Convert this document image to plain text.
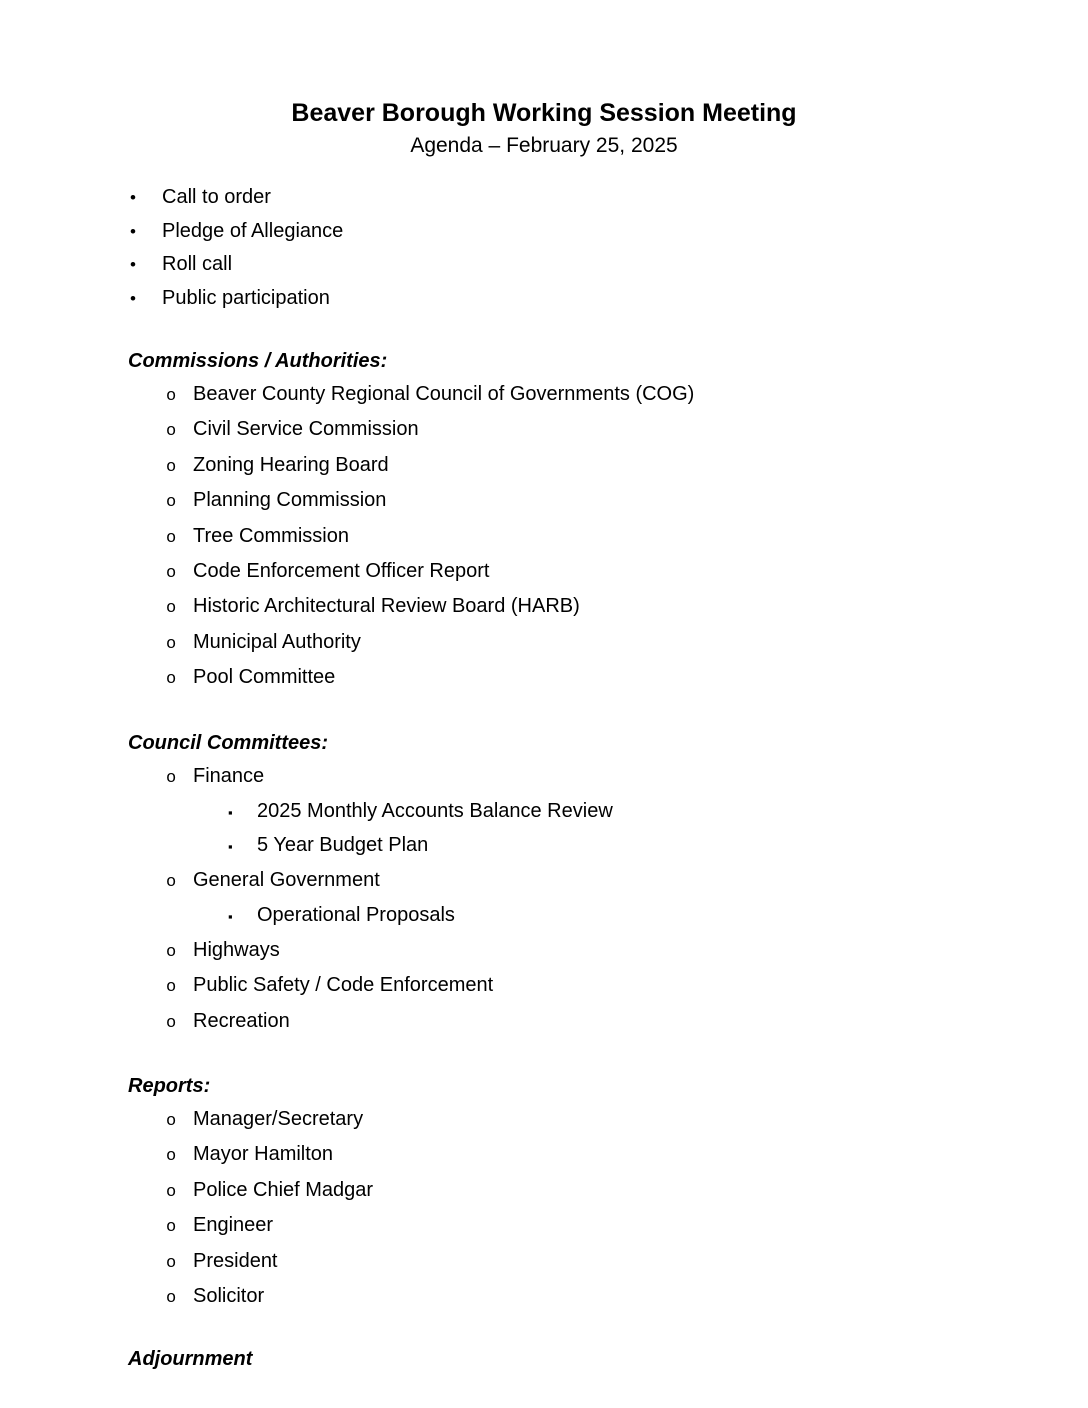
Beaver Borough Working Session Meeting
Agenda – February 25, 2025
•	Call to order
•	Pledge of Allegiance
•	Roll call
•	Public participation
Commissions / Authorities:
o Beaver County Regional Council of Governments (COG)
o Civil Service Commission
o Zoning Hearing Board
o Planning Commission
o Tree Commission
o Code Enforcement Officer Report
o Historic Architectural Review Board (HARB)
o Municipal Authority
o Pool Committee
Council Committees:
o Finance
▪	2025 Monthly Accounts Balance Review
▪	5 Year Budget Plan
o General Government
▪	Operational Proposals
o Highways
o Public Safety / Code Enforcement
o Recreation
Reports:
o Manager/Secretary
o Mayor Hamilton
o Police Chief Madgar
o Engineer
o President
o Solicitor
Adjournment
